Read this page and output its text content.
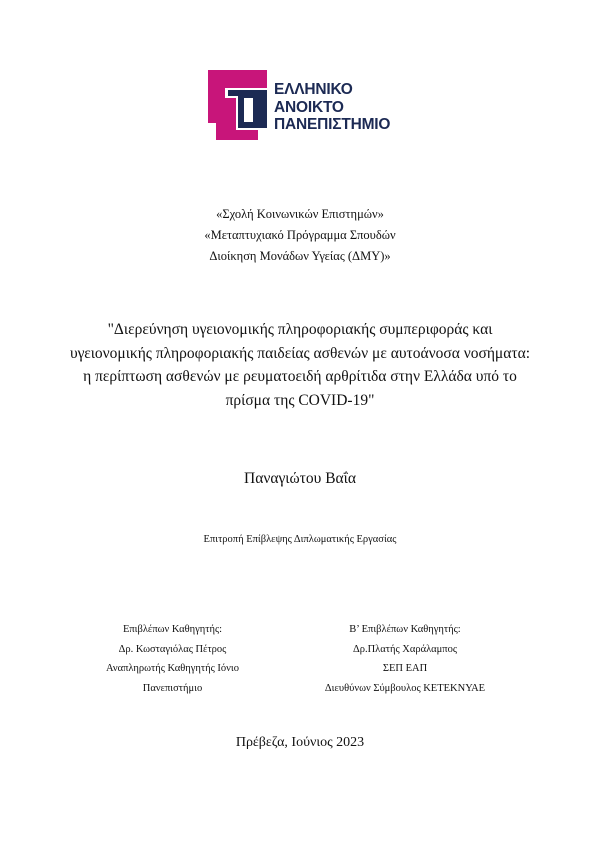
ΕΛΛΗΝΙΚΟ
ΑΝΟΙΚΤΟ
ΠΑΝΕΠΙΣΤΗΜΙΟ
«Σχολή Κοινωνικών Επιστημών»
«Μεταπτυχιακό Πρόγραμμα Σπουδών
Διοίκηση Μονάδων Υγείας (ΔΜΥ)»
"Διερεύνηση υγειονομικής πληροφοριακής συμπεριφοράς και
υγειονομικής πληροφοριακής παιδείας ασθενών με αυτοάνοσα νοσήματα:
η περίπτωση ασθενών με ρευματοειδή αρθρίτιδα στην Ελλάδα υπό το
πρίσμα της COVID-19"
Παναγιώτου Βαΐα
Επιτροπή Επίβλεψης Διπλωματικής Εργασίας
Επιβλέπων Καθηγητής:
Δρ. Κωσταγιόλας Πέτρος
Αναπληρωτής Καθηγητής Ιόνιο
Πανεπιστήμιο
Β’ Επιβλέπων Καθηγητής:
Δρ.Πλατής Χαράλαμπος
ΣΕΠ ΕΑΠ
Διευθύνων Σύμβουλος ΚΕΤΕΚΝΥΑΕ
Πρέβεζα, Ιούνιος 2023
